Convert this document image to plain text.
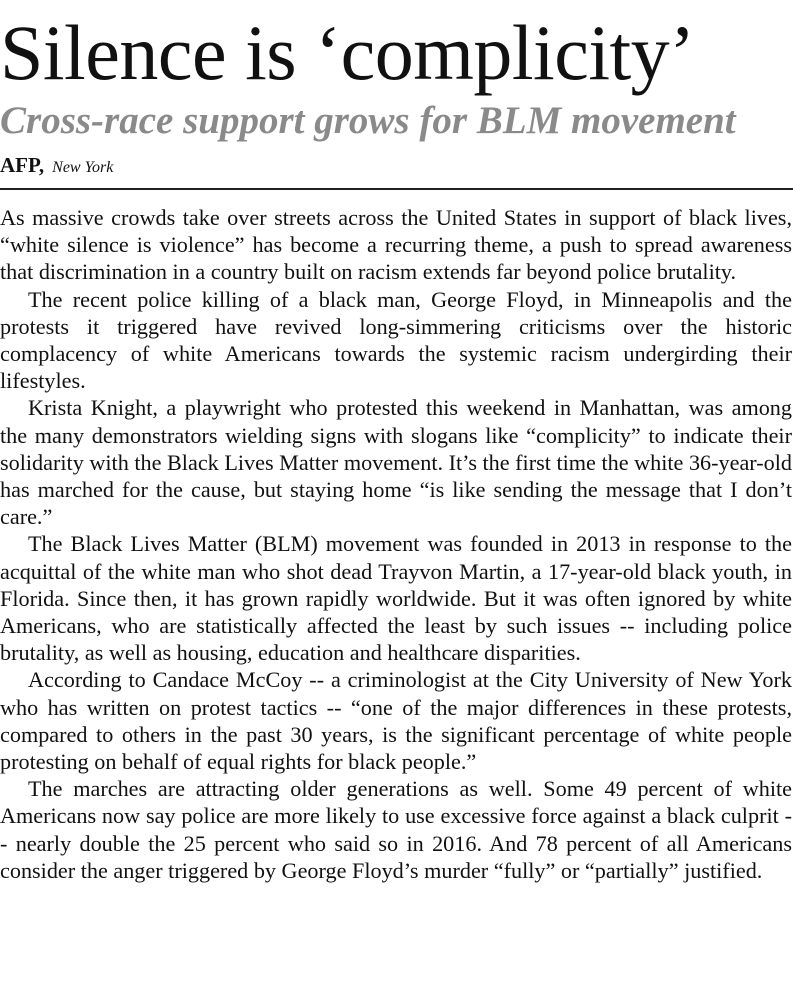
Silence is ‘complicity’
Cross-race support grows for BLM movement
AFP, New York

As massive crowds take over streets across the United States in support of black lives, “white silence is violence” has become a recurring theme, a push to spread awareness that discrimination in a country built on racism extends far beyond police brutality.

The recent police killing of a black man, George Floyd, in Minneapolis and the protests it triggered have revived long-simmering criticisms over the historic complacency of white Americans towards the systemic racism undergirding their lifestyles.

Krista Knight, a playwright who protested this weekend in Manhattan, was among the many demonstrators wielding signs with slogans like “complicity” to indicate their solidarity with the Black Lives Matter movement. It’s the first time the white 36-year-old has marched for the cause, but staying home “is like sending the message that I don’t care.”

The Black Lives Matter (BLM) movement was founded in 2013 in response to the acquittal of the white man who shot dead Trayvon Martin, a 17-year-old black youth, in Florida. Since then, it has grown rapidly worldwide. But it was often ignored by white Americans, who are statistically affected the least by such issues -- including police brutality, as well as housing, education and healthcare disparities.

According to Candace McCoy -- a criminologist at the City University of New York who has written on protest tactics -- “one of the major differences in these protests, compared to others in the past 30 years, is the significant percentage of white people protesting on behalf of equal rights for black people.”

The marches are attracting older generations as well. Some 49 percent of white Americans now say police are more likely to use excessive force against a black culprit -- nearly double the 25 percent who said so in 2016. And 78 percent of all Americans consider the anger triggered by George Floyd’s murder “fully” or “partially” justified.
